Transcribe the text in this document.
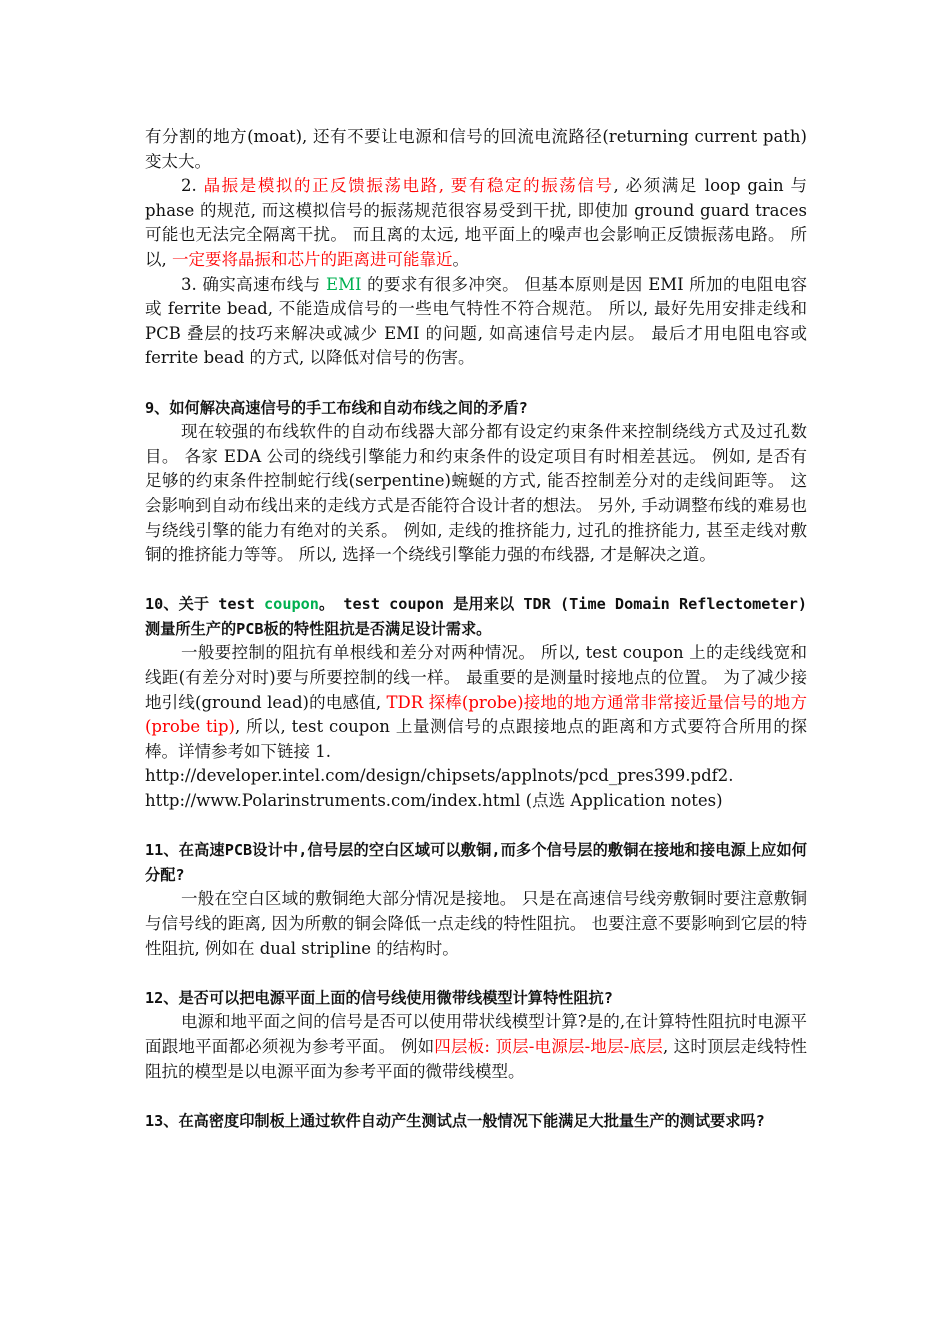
有分割的地方(moat), 还有不要让电源和信号的回流电流路径(returning current path)变太大。

2. 晶振是模拟的正反馈振荡电路, 要有稳定的振荡信号, 必须满足 loop gain 与 phase 的规范, 而这模拟信号的振荡规范很容易受到干扰, 即使加 ground guard traces 可能也无法完全隔离干扰。 而且离的太远, 地平面上的噪声也会影响正反馈振荡电路。 所以, 一定要将晶振和芯片的距离进可能靠近。

3. 确实高速布线与 EMI 的要求有很多冲突。 但基本原则是因 EMI 所加的电阻电容或 ferrite bead, 不能造成信号的一些电气特性不符合规范。 所以, 最好先用安排走线和 PCB 叠层的技巧来解决或减少 EMI 的问题, 如高速信号走内层。 最后才用电阻电容或 ferrite bead 的方式, 以降低对信号的伤害。

9、如何解决高速信号的手工布线和自动布线之间的矛盾?

现在较强的布线软件的自动布线器大部分都有设定约束条件来控制绕线方式及过孔数目。 各家 EDA 公司的绕线引擎能力和约束条件的设定项目有时相差甚远。 例如, 是否有足够的约束条件控制蛇行线(serpentine)蜿蜒的方式, 能否控制差分对的走线间距等。 这会影响到自动布线出来的走线方式是否能符合设计者的想法。 另外, 手动调整布线的难易也与绕线引擎的能力有绝对的关系。 例如, 走线的推挤能力, 过孔的推挤能力, 甚至走线对敷铜的推挤能力等等。 所以, 选择一个绕线引擎能力强的布线器, 才是解决之道。

10、关于 test coupon。 test coupon 是用来以 TDR (Time Domain Reflectometer) 测量所生产的PCB板的特性阻抗是否满足设计需求。

一般要控制的阻抗有单根线和差分对两种情况。 所以, test coupon 上的走线线宽和线距(有差分对时)要与所要控制的线一样。 最重要的是测量时接地点的位置。 为了减少接地引线(ground lead)的电感值, TDR 探棒(probe)接地的地方通常非常接近量信号的地方(probe tip), 所以, test coupon 上量测信号的点跟接地点的距离和方式要符合所用的探棒。详情参考如下链接 1.

http://developer.intel.com/design/chipsets/applnots/pcd_pres399.pdf2.

http://www.Polarinstruments.com/index.html (点选 Application notes)

11、在高速PCB设计中,信号层的空白区域可以敷铜,而多个信号层的敷铜在接地和接电源上应如何分配?

一般在空白区域的敷铜绝大部分情况是接地。 只是在高速信号线旁敷铜时要注意敷铜与信号线的距离, 因为所敷的铜会降低一点走线的特性阻抗。 也要注意不要影响到它层的特性阻抗, 例如在 dual stripline 的结构时。

12、是否可以把电源平面上面的信号线使用微带线模型计算特性阻抗?

电源和地平面之间的信号是否可以使用带状线模型计算?是的,在计算特性阻抗时电源平面跟地平面都必须视为参考平面。 例如四层板: 顶层-电源层-地层-底层, 这时顶层走线特性阻抗的模型是以电源平面为参考平面的微带线模型。

13、在高密度印制板上通过软件自动产生测试点一般情况下能满足大批量生产的测试要求吗?
